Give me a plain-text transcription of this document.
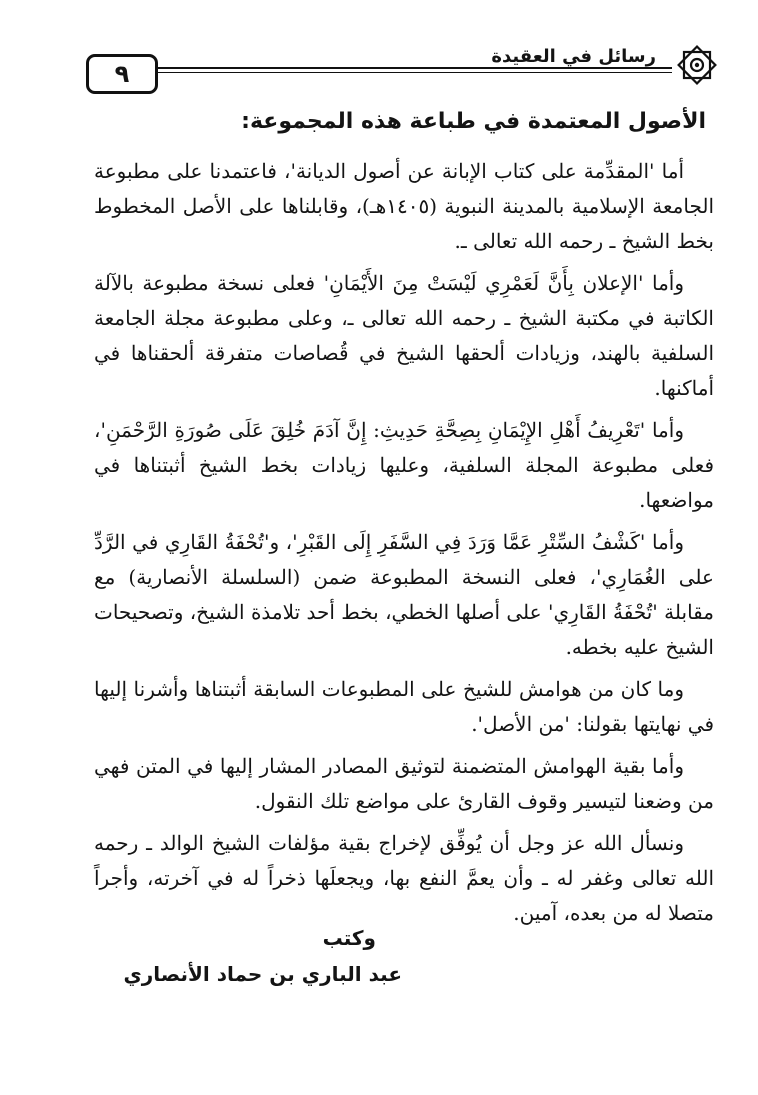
٩
رسائل في العقيدة
الأصول المعتمدة في طباعة هذه المجموعة:

أما 'المقدِّمة على كتاب الإبانة عن أصول الديانة'، فاعتمدنا على مطبوعة الجامعة الإسلامية بالمدينة النبوية (١٤٠٥هـ)، وقابلناها على الأصل المخطوط بخط الشيخ ـ رحمه الله تعالى ـ.

وأما 'الإعلان بِأَنَّ لَعَمْرِي لَيْسَتْ مِنَ الأَيْمَانِ' فعلى نسخة مطبوعة بالآلة الكاتبة في مكتبة الشيخ ـ رحمه الله تعالى ـ، وعلى مطبوعة مجلة الجامعة السلفية بالهند، وزيادات ألحقها الشيخ في قُصاصات متفرقة ألحقناها في أماكنها.

وأما 'تَعْرِيفُ أَهْلِ الإِيْمَانِ بِصِحَّةِ حَدِيثِ: إِنَّ آدَمَ خُلِقَ عَلَى صُورَةِ الرَّحْمَنِ'، فعلى مطبوعة المجلة السلفية، وعليها زيادات بخط الشيخ أثبتناها في مواضعها.

وأما 'كَشْفُ السِّتْرِ عَمَّا وَرَدَ فِي السَّفَرِ إِلَى القَبْرِ'، و'تُحْفَةُ القَارِي في الرَّدِّ على الغُمَارِي'، فعلى النسخة المطبوعة ضمن (السلسلة الأنصارية) مع مقابلة 'تُحْفَةُ القَارِي' على أصلها الخطي، بخط أحد تلامذة الشيخ، وتصحيحات الشيخ عليه بخطه.

وما كان من هوامش للشيخ على المطبوعات السابقة أثبتناها وأشرنا إليها في نهايتها بقولنا: 'من الأصل'.

وأما بقية الهوامش المتضمنة لتوثيق المصادر المشار إليها في المتن فهي من وضعنا لتيسير وقوف القارئ على مواضع تلك النقول.

ونسأل الله عز وجل أن يُوفِّق لإخراج بقية مؤلفات الشيخ الوالد ـ رحمه الله تعالى وغفر له ـ وأن يعمَّ النفع بها، ويجعلَها ذخراً له في آخرته، وأجراً متصلا له من بعده، آمين.

وكتب

عبد الباري بن حماد الأنصاري
